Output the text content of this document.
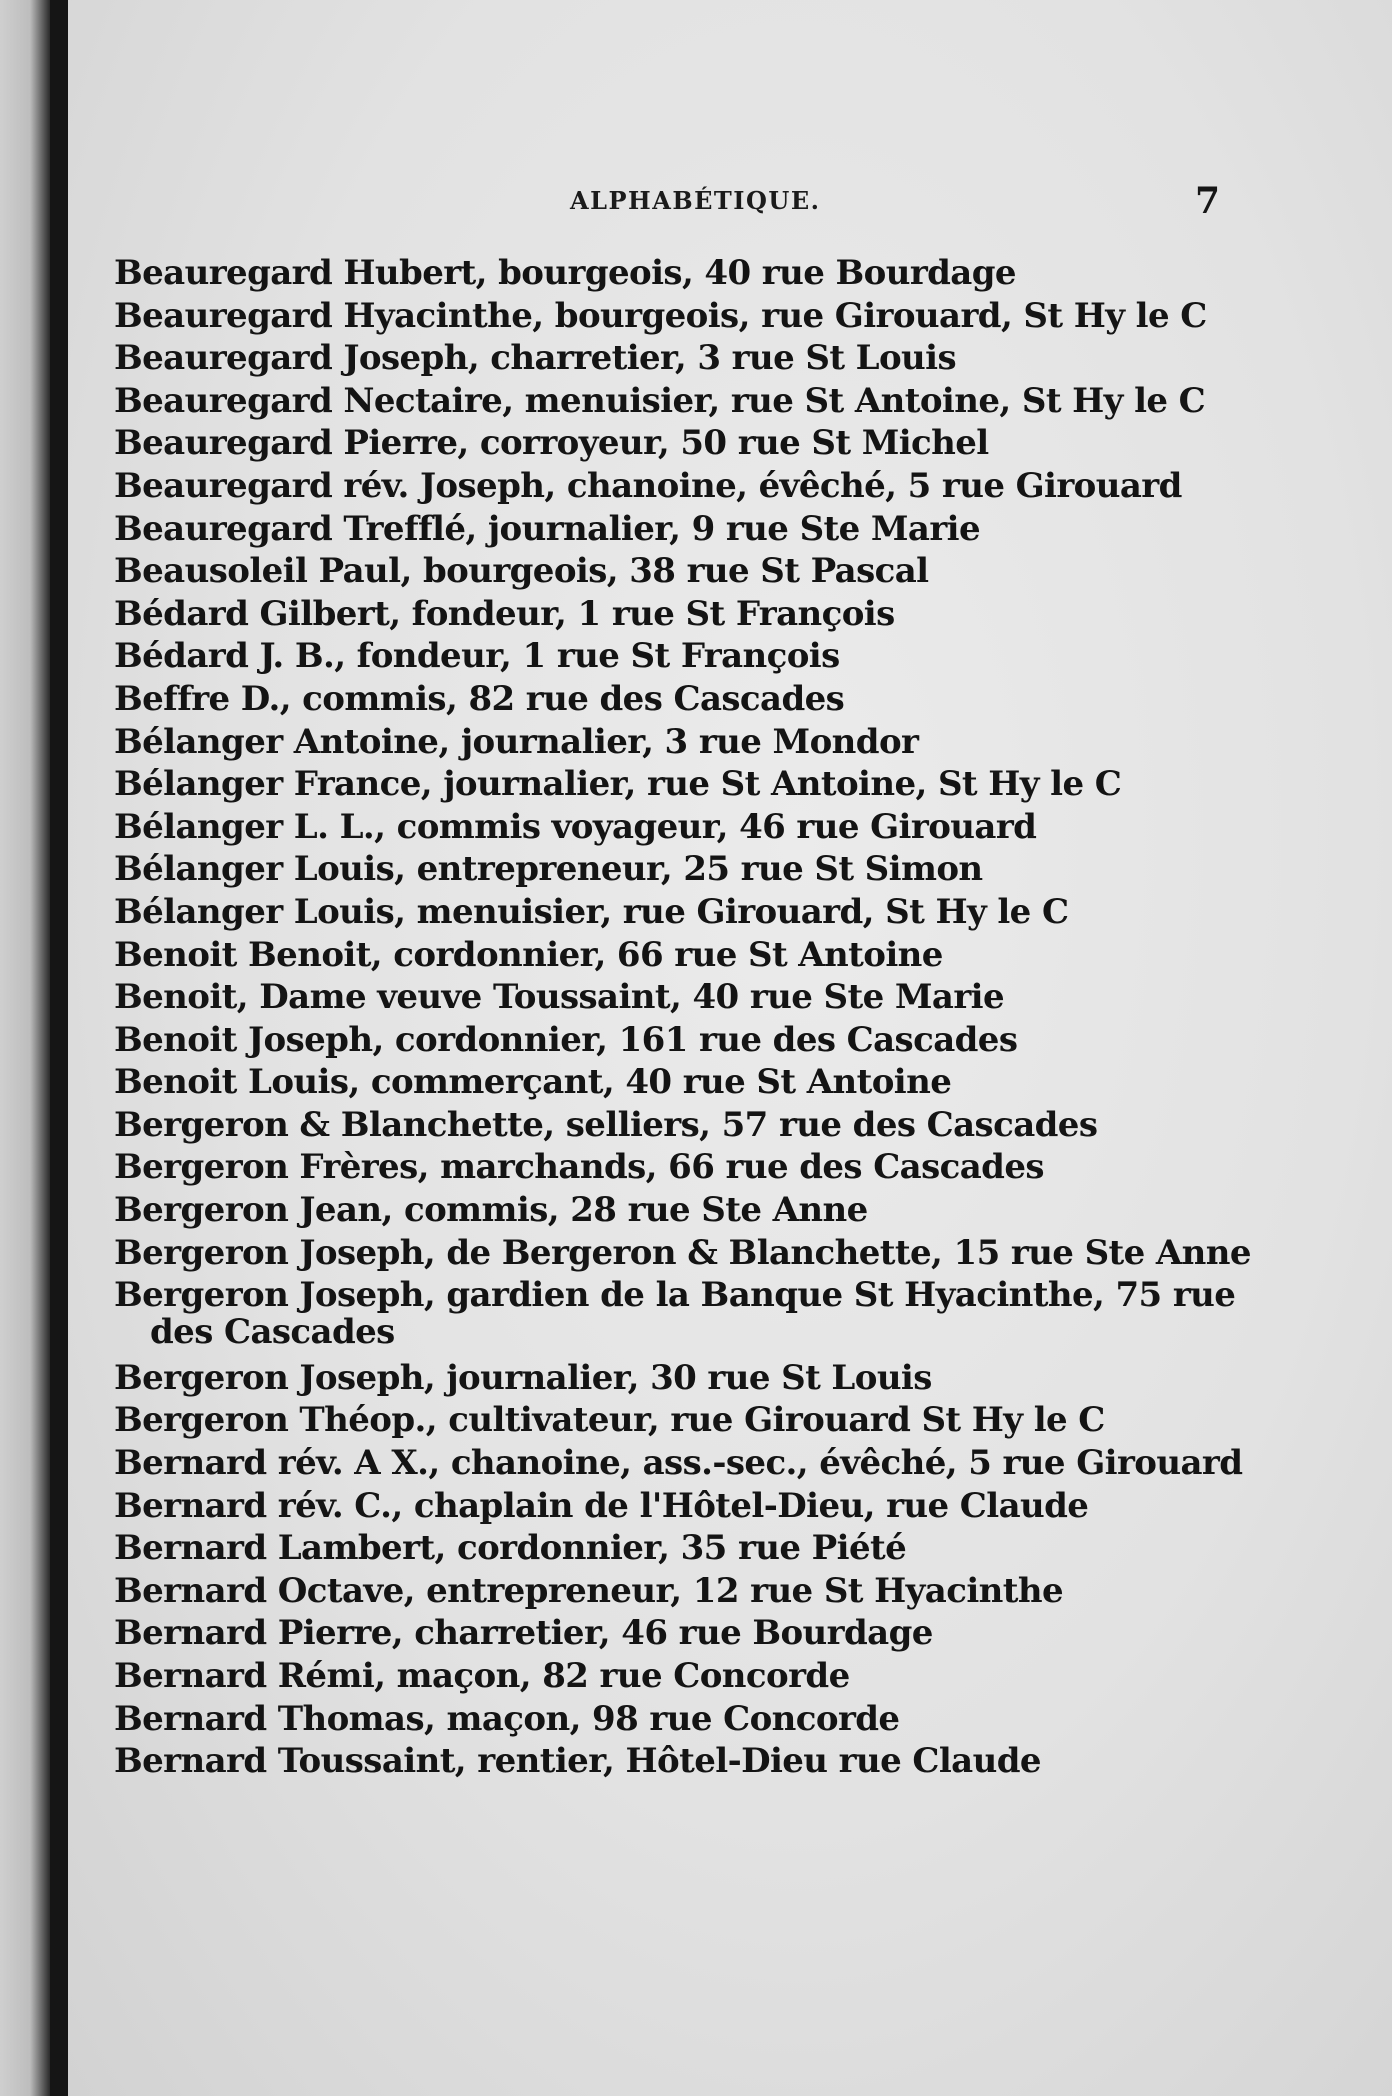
ALPHABÉTIQUE.	7
Beauregard Hubert, bourgeois, 40 rue Bourdage
Beauregard Hyacinthe, bourgeois, rue Girouard, St Hy le C
Beauregard Joseph, charretier, 3 rue St Louis
Beauregard Nectaire, menuisier, rue St Antoine, St Hy le C
Beauregard Pierre, corroyeur, 50 rue St Michel
Beauregard rév. Joseph, chanoine, évêché, 5 rue Girouard
Beauregard Trefflé, journalier, 9 rue Ste Marie
Beausoleil Paul, bourgeois, 38 rue St Pascal
Bédard Gilbert, fondeur, 1 rue St François
Bédard J. B., fondeur, 1 rue St François
Beffre D., commis, 82 rue des Cascades
Bélanger Antoine, journalier, 3 rue Mondor
Bélanger France, journalier, rue St Antoine, St Hy le C
Bélanger L. L., commis voyageur, 46 rue Girouard
Bélanger Louis, entrepreneur, 25 rue St Simon
Bélanger Louis, menuisier, rue Girouard, St Hy le C
Benoit Benoit, cordonnier, 66 rue St Antoine
Benoit, Dame veuve Toussaint, 40 rue Ste Marie
Benoit Joseph, cordonnier, 161 rue des Cascades
Benoit Louis, commerçant, 40 rue St Antoine
Bergeron & Blanchette, selliers, 57 rue des Cascades
Bergeron Frères, marchands, 66 rue des Cascades
Bergeron Jean, commis, 28 rue Ste Anne
Bergeron Joseph, de Bergeron & Blanchette, 15 rue Ste Anne
Bergeron Joseph, gardien de la Banque St Hyacinthe, 75 rue
des Cascades
Bergeron Joseph, journalier, 30 rue St Louis
Bergeron Théop., cultivateur, rue Girouard St Hy le C
Bernard rév. A X., chanoine, ass.-sec., évêché, 5 rue Girouard
Bernard rév. C., chaplain de l'Hôtel-Dieu, rue Claude
Bernard Lambert, cordonnier, 35 rue Piété
Bernard Octave, entrepreneur, 12 rue St Hyacinthe
Bernard Pierre, charretier, 46 rue Bourdage
Bernard Rémi, maçon, 82 rue Concorde
Bernard Thomas, maçon, 98 rue Concorde
Bernard Toussaint, rentier, Hôtel-Dieu rue Claude
